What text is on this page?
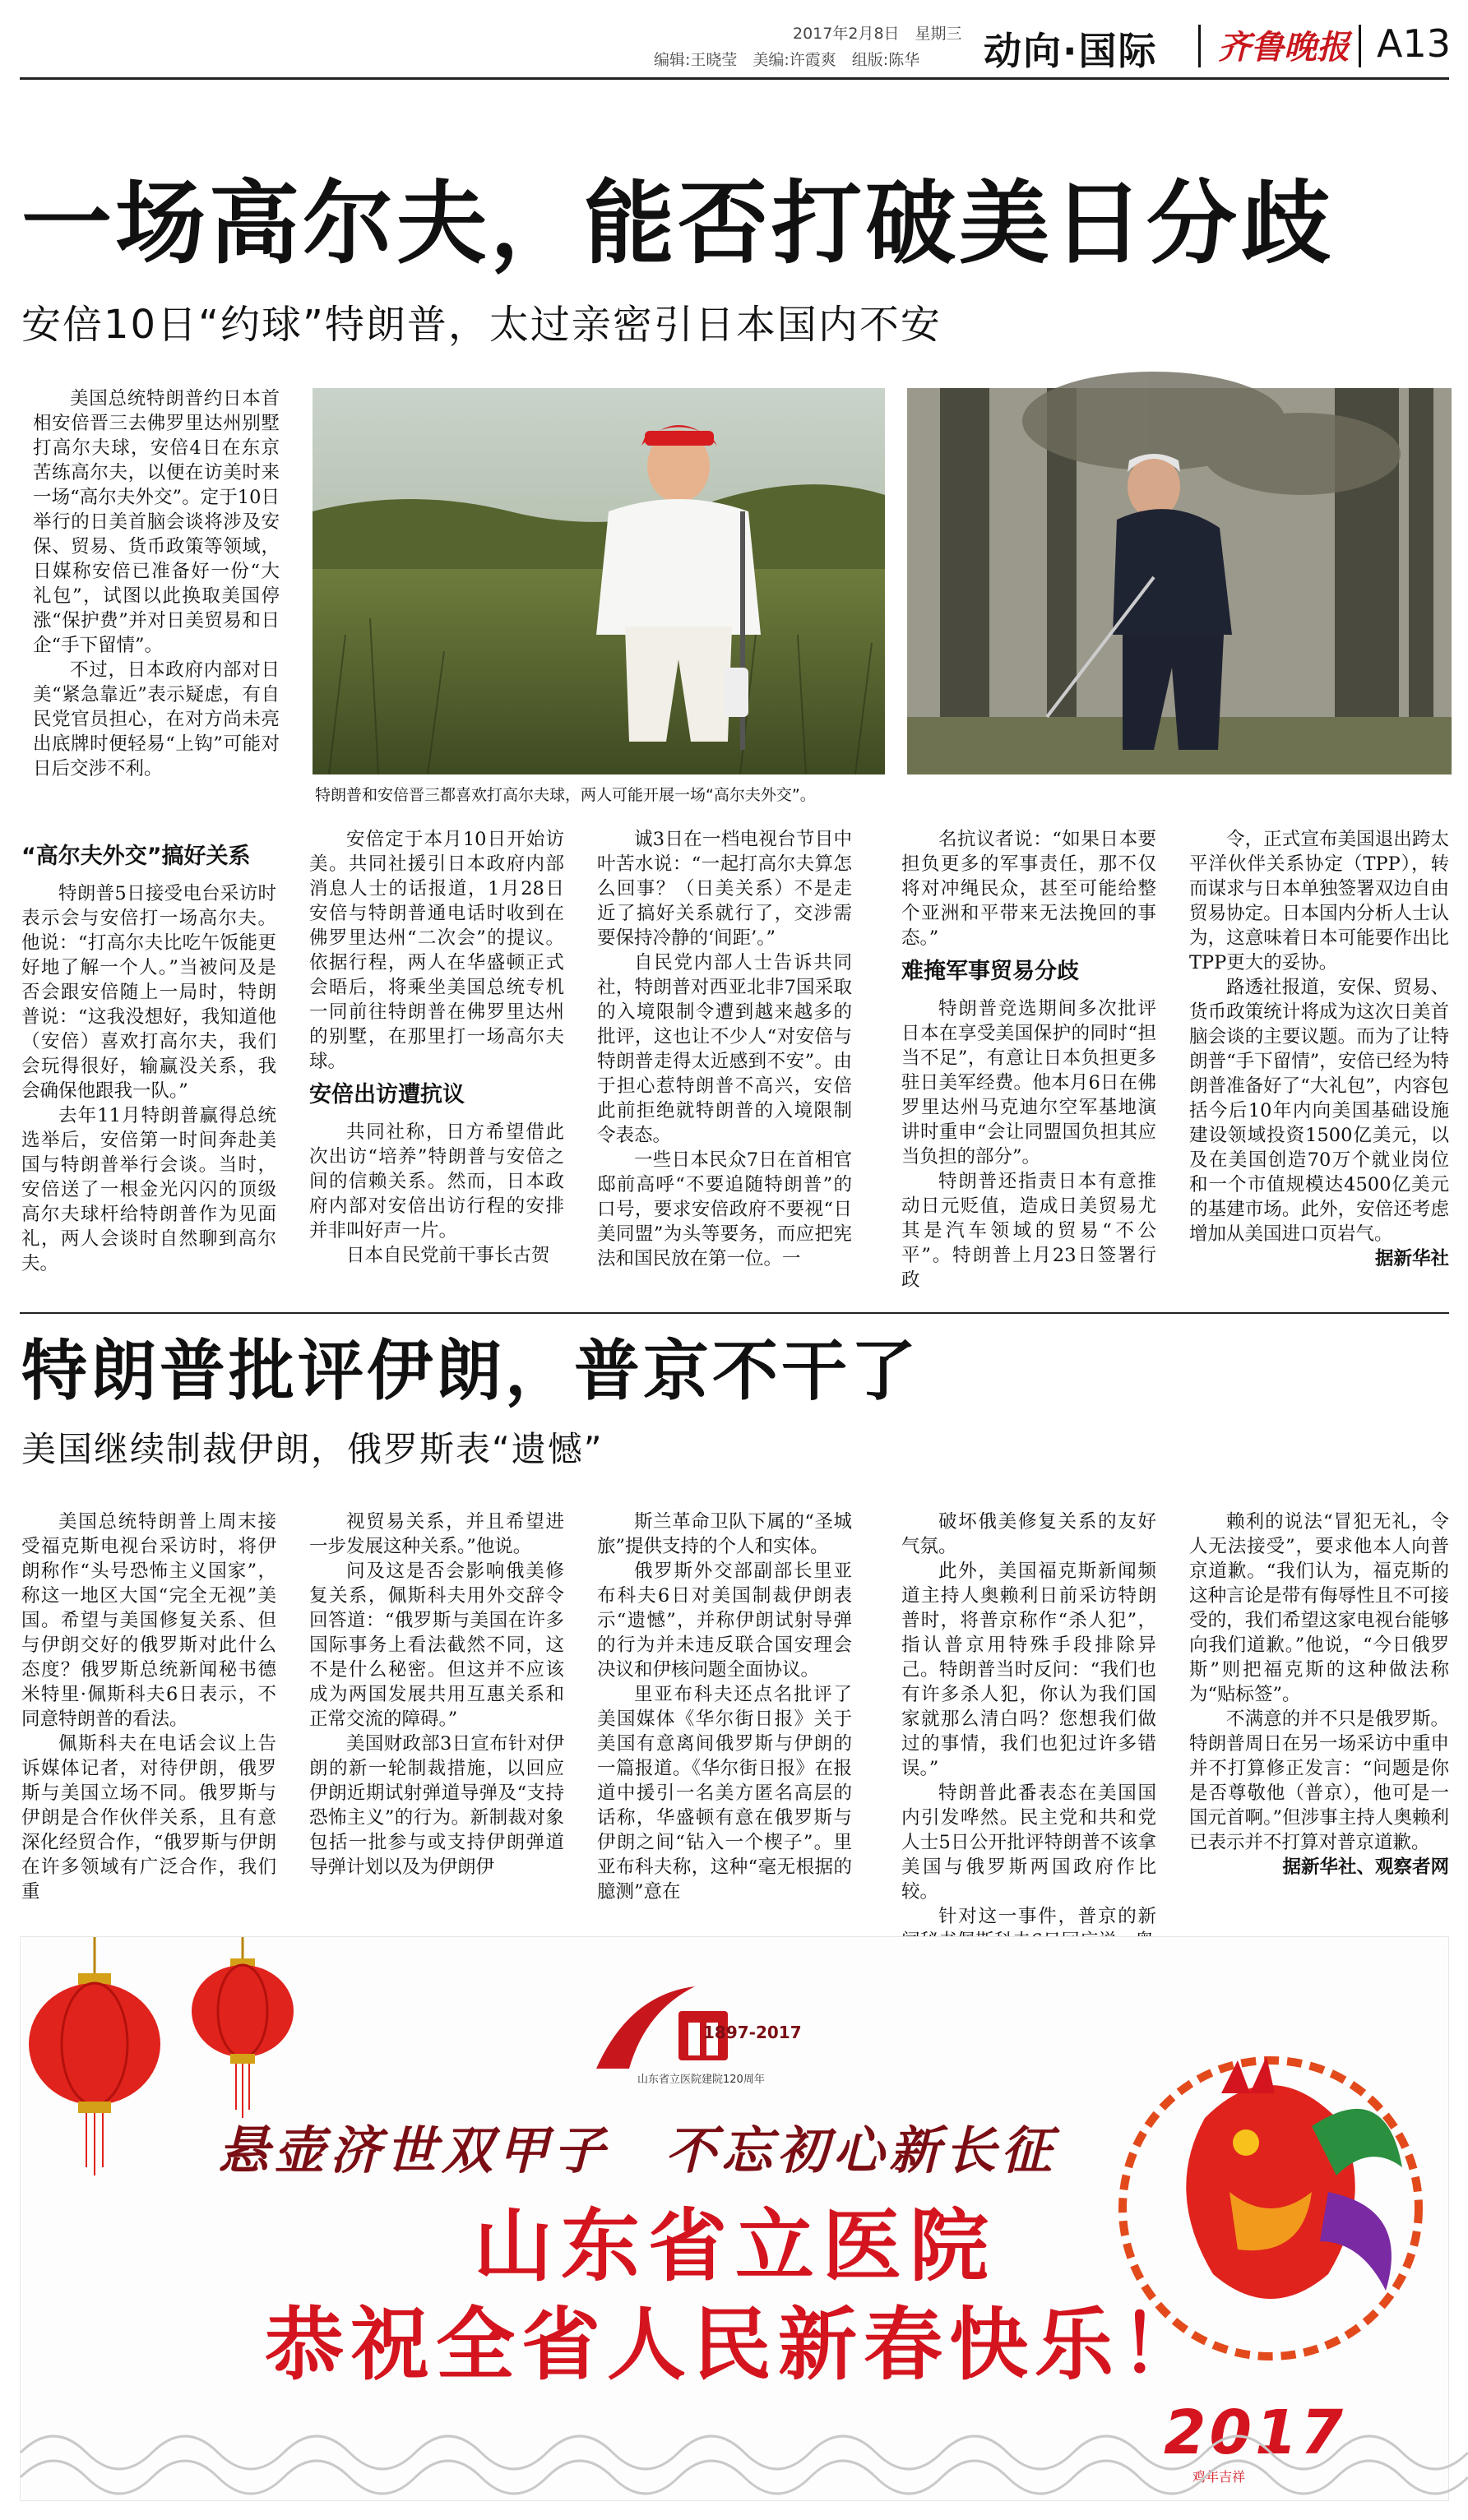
2017年2月8日　星期三
编辑:王晓莹　美编:许霞爽　组版:陈华 动向·国际 齐鲁晚报 A13
一场高尔夫，能否打破美日分歧
安倍10日“约球”特朗普，太过亲密引日本国内不安

美国总统特朗普约日本首相安倍晋三去佛罗里达州别墅打高尔夫球，安倍4日在东京苦练高尔夫，以便在访美时来一场“高尔夫外交”。定于10日举行的日美首脑会谈将涉及安保、贸易、货币政策等领域，日媒称安倍已准备好一份“大礼包”，试图以此换取美国停涨“保护费”并对日美贸易和日企“手下留情”。

不过，日本政府内部对日美“紧急靠近”表示疑虑，有自民党官员担心，在对方尚未亮出底牌时便轻易“上钩”可能对日后交涉不利。

特朗普和安倍晋三都喜欢打高尔夫球，两人可能开展一场“高尔夫外交”。

“高尔夫外交”搞好关系

特朗普5日接受电台采访时表示会与安倍打一场高尔夫。他说：“打高尔夫比吃午饭能更好地了解一个人。”当被问及是否会跟安倍随上一局时，特朗普说：“这我没想好，我知道他（安倍）喜欢打高尔夫，我们会玩得很好，输赢没关系，我会确保他跟我一队。”

去年11月特朗普赢得总统选举后，安倍第一时间奔赴美国与特朗普举行会谈。当时，安倍送了一根金光闪闪的顶级高尔夫球杆给特朗普作为见面礼，两人会谈时自然聊到高尔夫。

安倍定于本月10日开始访美。共同社援引日本政府内部消息人士的话报道，1月28日安倍与特朗普通电话时收到在佛罗里达州“二次会”的提议。依据行程，两人在华盛顿正式会晤后，将乘坐美国总统专机一同前往特朗普在佛罗里达州的别墅，在那里打一场高尔夫球。

安倍出访遭抗议

共同社称，日方希望借此次出访“培养”特朗普与安倍之间的信赖关系。然而，日本政府内部对安倍出访行程的安排并非叫好声一片。

日本自民党前干事长古贺

诚3日在一档电视台节目中叶苦水说：“一起打高尔夫算怎么回事？（日美关系）不是走近了搞好关系就行了，交涉需要保持冷静的‘间距’。”

自民党内部人士告诉共同社，特朗普对西亚北非7国采取的入境限制令遭到越来越多的批评，这也让不少人“对安倍与特朗普走得太近感到不安”。由于担心惹特朗普不高兴，安倍此前拒绝就特朗普的入境限制令表态。

一些日本民众7日在首相官邸前高呼“不要追随特朗普”的口号，要求安倍政府不要视“日美同盟”为头等要务，而应把宪法和国民放在第一位。一

名抗议者说：“如果日本要担负更多的军事责任，那不仅将对冲绳民众，甚至可能给整个亚洲和平带来无法挽回的事态。”

难掩军事贸易分歧

特朗普竞选期间多次批评日本在享受美国保护的同时“担当不足”，有意让日本负担更多驻日美军经费。他本月6日在佛罗里达州马克迪尔空军基地演讲时重申“会让同盟国负担其应当负担的部分”。

特朗普还指责日本有意推动日元贬值，造成日美贸易尤其是汽车领域的贸易“不公平”。特朗普上月23日签署行政

令，正式宣布美国退出跨太平洋伙伴关系协定（TPP），转而谋求与日本单独签署双边自由贸易协定。日本国内分析人士认为，这意味着日本可能要作出比TPP更大的妥协。

路透社报道，安保、贸易、货币政策统计将成为这次日美首脑会谈的主要议题。而为了让特朗普“手下留情”，安倍已经为特朗普准备好了“大礼包”，内容包括今后10年内向美国基础设施建设领域投资1500亿美元，以及在美国创造70万个就业岗位和一个市值规模达4500亿美元的基建市场。此外，安倍还考虑增加从美国进口页岩气。

据新华社

特朗普批评伊朗，普京不干了
美国继续制裁伊朗，俄罗斯表“遗憾”

美国总统特朗普上周末接受福克斯电视台采访时，将伊朗称作“头号恐怖主义国家”，称这一地区大国“完全无视”美国。希望与美国修复关系、但与伊朗交好的俄罗斯对此什么态度？俄罗斯总统新闻秘书德米特里·佩斯科夫6日表示，不同意特朗普的看法。

佩斯科夫在电话会议上告诉媒体记者，对待伊朗，俄罗斯与美国立场不同。俄罗斯与伊朗是合作伙伴关系，且有意深化经贸合作，“俄罗斯与伊朗在许多领域有广泛合作，我们重

视贸易关系，并且希望进一步发展这种关系。”他说。

问及这是否会影响俄美修复关系，佩斯科夫用外交辞令回答道：“俄罗斯与美国在许多国际事务上看法截然不同，这不是什么秘密。但这并不应该成为两国发展共用互惠关系和正常交流的障碍。”

美国财政部3日宣布针对伊朗的新一轮制裁措施，以回应伊朗近期试射弹道导弹及“支持恐怖主义”的行为。新制裁对象包括一批参与或支持伊朗弹道导弹计划以及为伊朗伊

斯兰革命卫队下属的“圣城旅”提供支持的个人和实体。

俄罗斯外交部副部长里亚布科夫6日对美国制裁伊朗表示“遗憾”，并称伊朗试射导弹的行为并未违反联合国安理会决议和伊核问题全面协议。

里亚布科夫还点名批评了美国媒体《华尔街日报》关于美国有意离间俄罗斯与伊朗的一篇报道。《华尔街日报》在报道中援引一名美方匿名高层的话称，华盛顿有意在俄罗斯与伊朗之间“钻入一个楔子”。里亚布科夫称，这种“毫无根据的臆测”意在

破坏俄美修复关系的友好气氛。

此外，美国福克斯新闻频道主持人奥赖利日前采访特朗普时，将普京称作“杀人犯”，指认普京用特殊手段排除异己。特朗普当时反问：“我们也有许多杀人犯，你认为我们国家就那么清白吗？您想我们做过的事情，我们也犯过许多错误。”

特朗普此番表态在美国国内引发哗然。民主党和共和党人士5日公开批评特朗普不该拿美国与俄罗斯两国政府作比较。

针对这一事件，普京的新

赖利的说法“冒犯无礼，令人无法接受”，要求他本人向普京道歉。“我们认为，福克斯的这种言论是带有侮辱性且不可接受的，我们希望这家电视台能够向我们道歉。”他说，“今日俄罗斯”则把福克斯的这种做法称为“贴标签”。

不满意的并不只是俄罗斯。特朗普周日在另一场采访中重申并不打算修正发言：“问题是你是否尊敬他（普京），他可是一国元首啊。”但涉事主持人奥赖利已表示并不打算对普京道歉。

据新华社、观察者网

1897-2017
山东省立医院建院120周年
悬壶济世双甲子　不忘初心新长征
山东省立医院
恭祝全省人民新春快乐！
2017
鸡年吉祥
